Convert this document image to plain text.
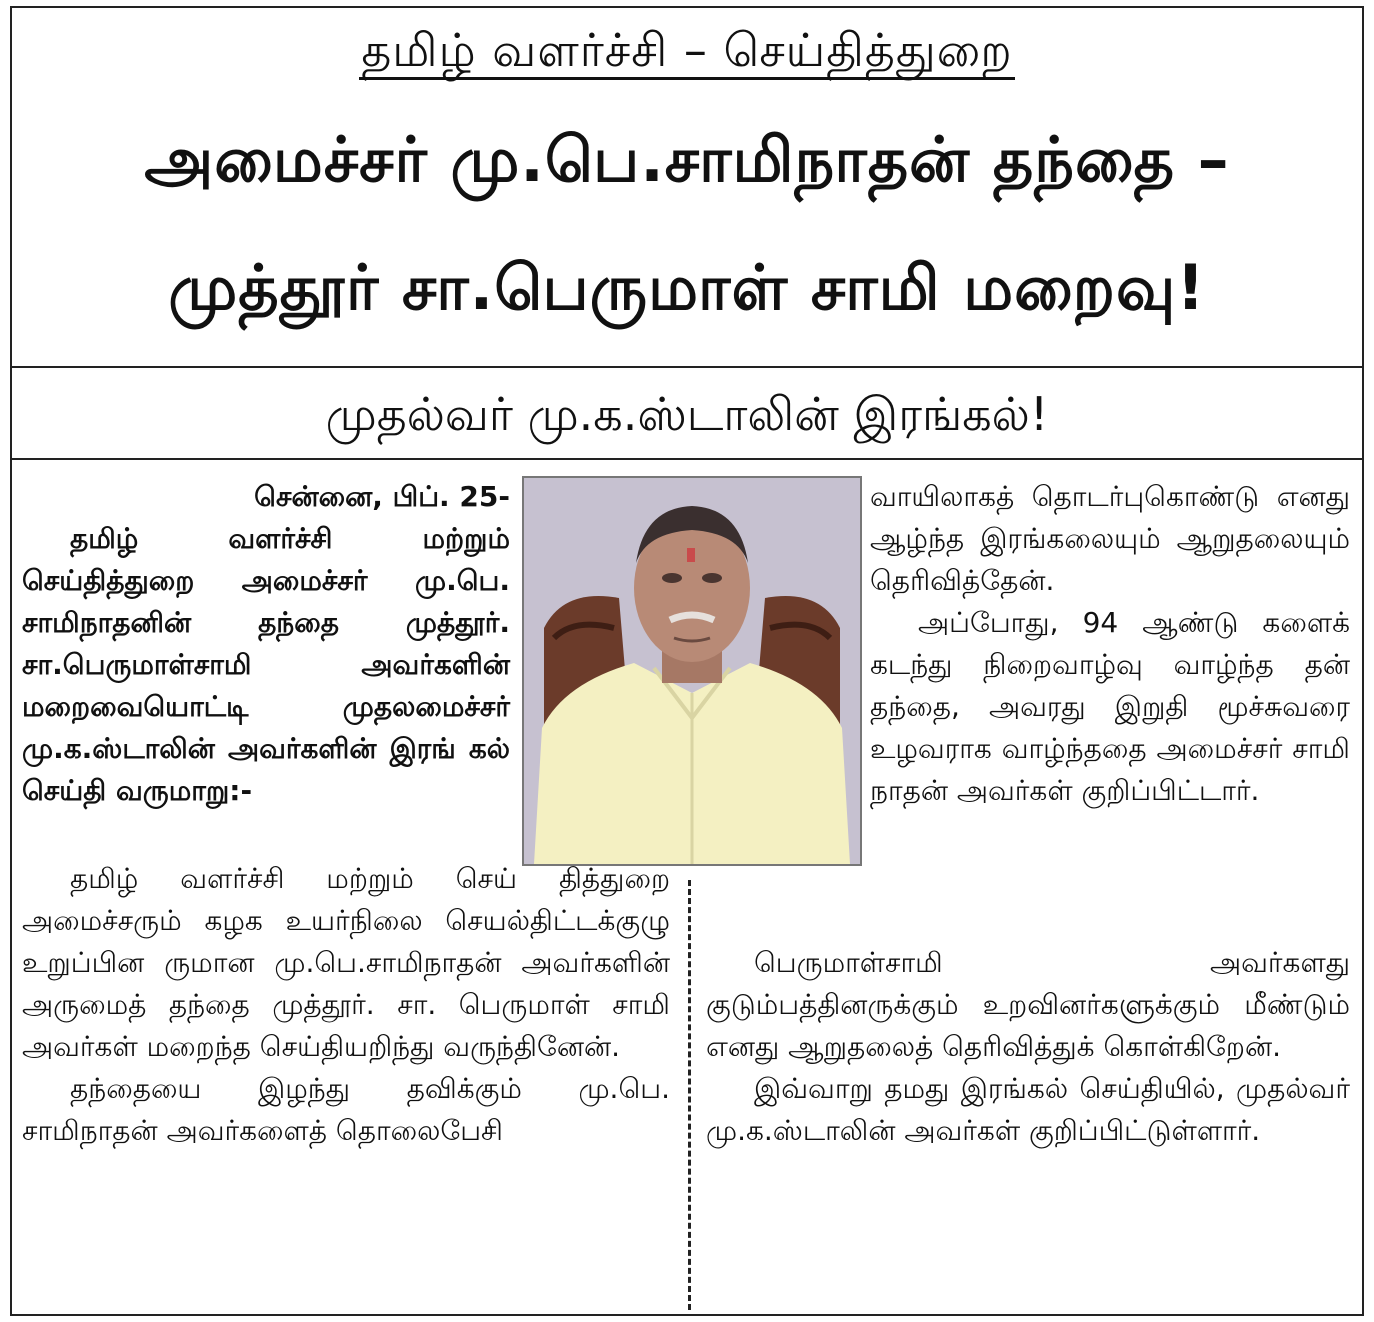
தமிழ் வளர்ச்சி – செய்தித்துறை
அமைச்சர் மு.பெ.சாமிநாதன் தந்தை –
முத்தூர் சா.பெருமாள் சாமி மறைவு!
முதல்வர் மு.க.ஸ்டாலின் இரங்கல்!
சென்னை, பிப். 25-

தமிழ் வளர்ச்சி மற்றும் செய்தித்துறை அமைச்சர் மு.பெ. சாமிநாதனின் தந்தை முத்தூர். சா.பெருமாள்சாமி அவர்களின் மறைவையொட்டி முதலமைச்சர் மு.க.ஸ்டாலின் அவர்களின் இரங் கல் செய்தி வருமாறு:-

வாயிலாகத் தொடர்புகொண்டு எனது ஆழ்ந்த இரங்கலையும் ஆறுதலையும் தெரிவித்தேன்.

அப்போது, 94 ஆண்டு களைக் கடந்து நிறைவாழ்வு வாழ்ந்த தன் தந்தை, அவரது இறுதி மூச்சுவரை உழவராக வாழ்ந்ததை அமைச்சர் சாமி நாதன் அவர்கள் குறிப்பிட்டார்.

தமிழ் வளர்ச்சி மற்றும் செய் தித்துறை அமைச்சரும் கழக உயர்நிலை செயல்திட்டக்குழு உறுப்பின ருமான மு.பெ.சாமிநாதன் அவர்களின் அருமைத் தந்தை முத்தூர். சா. பெருமாள் சாமி அவர்கள் மறைந்த செய்தியறிந்து வருந்தினேன்.

தந்தையை இழந்து தவிக்கும் மு.பெ. சாமிநாதன் அவர்களைத் தொலைபேசி

பெருமாள்சாமி அவர்களது குடும்பத்தினருக்கும் உறவினர்களுக்கும் மீண்டும் எனது ஆறுதலைத் தெரிவித்துக் கொள்கிறேன்.

இவ்வாறு தமது இரங்கல் செய்தியில், முதல்வர் மு.க.ஸ்டாலின் அவர்கள் குறிப்பிட்டுள்ளார்.
